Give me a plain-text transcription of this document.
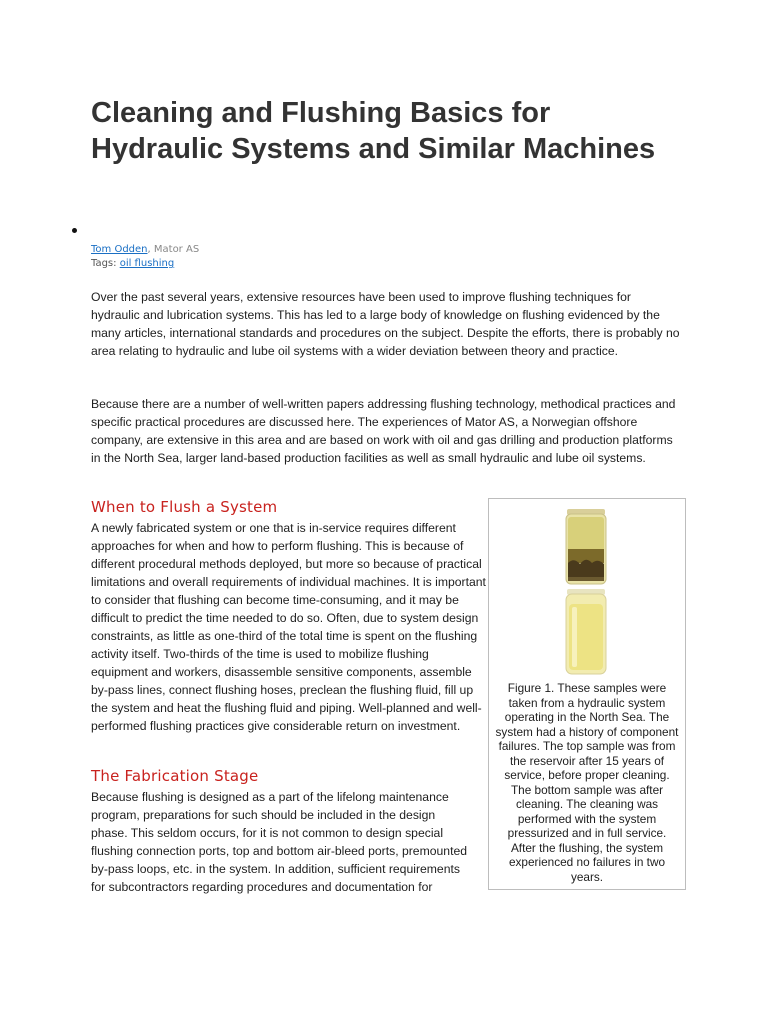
Cleaning and Flushing Basics for Hydraulic Systems and Similar Machines
Tom Odden, Mator AS
Tags: oil flushing

Over the past several years, extensive resources have been used to improve flushing techniques for hydraulic and lubrication systems. This has led to a large body of knowledge on flushing evidenced by the many articles, international standards and procedures on the subject. Despite the efforts, there is probably no area relating to hydraulic and lube oil systems with a wider deviation between theory and practice.

Because there are a number of well-written papers addressing flushing technology, methodical practices and specific practical procedures are discussed here. The experiences of Mator AS, a Norwegian offshore company, are extensive in this area and are based on work with oil and gas drilling and production platforms in the North Sea, larger land-based production facilities as well as small hydraulic and lube oil systems.

When to Flush a System

A newly fabricated system or one that is in-service requires different approaches for when and how to perform flushing. This is because of different procedural methods deployed, but more so because of practical limitations and overall requirements of individual machines. It is important to consider that flushing can become time-consuming, and it may be difficult to predict the time needed to do so. Often, due to system design constraints, as little as one-third of the total time is spent on the flushing activity itself. Two-thirds of the time is used to mobilize flushing equipment and workers, disassemble sensitive components, assemble by-pass lines, connect flushing hoses, preclean the flushing fluid, fill up the system and heat the flushing fluid and piping. Well-planned and well-performed flushing practices give considerable return on investment.

The Fabrication Stage

Because flushing is designed as a part of the lifelong maintenance program, preparations for such should be included in the design phase. This seldom occurs, for it is not common to design special flushing connection ports, top and bottom air-bleed ports, premounted by-pass loops, etc. in the system. In addition, sufficient requirements for subcontractors regarding procedures and documentation for

Figure 1. These samples were taken from a hydraulic system operating in the North Sea. The system had a history of component failures. The top sample was from the reservoir after 15 years of service, before proper cleaning. The bottom sample was after cleaning. The cleaning was performed with the system pressurized and in full service. After the flushing, the system experienced no failures in two years.
